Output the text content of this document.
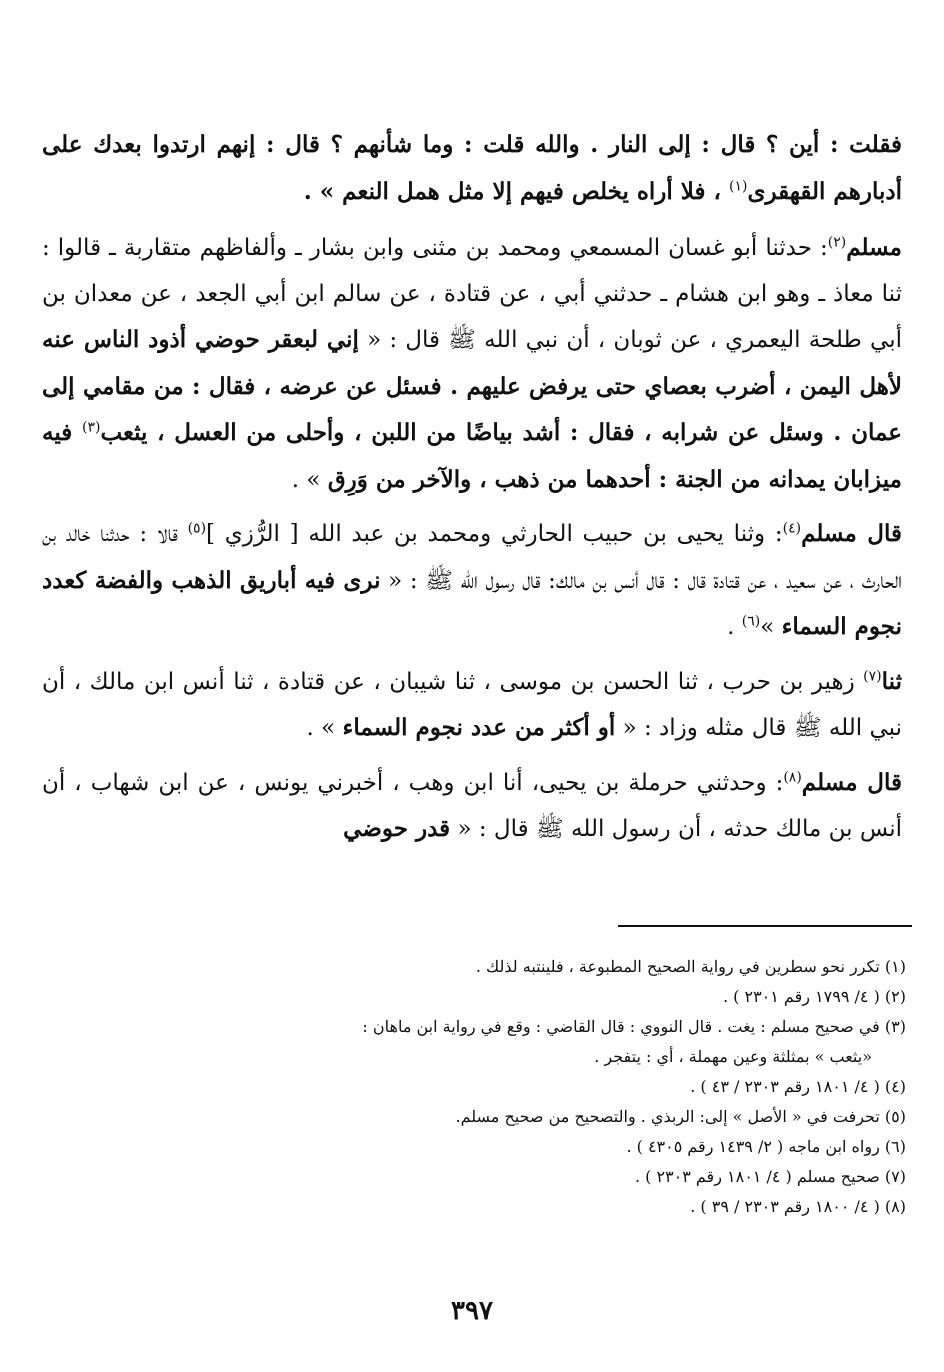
فقلت : أين ؟ قال : إلى النار . والله قلت : وما شأنهم ؟ قال : إنهم ارتدوا بعدك على أدبارهم القهقرى$^{(١)}$ ، فلا أراه يخلص فيهم إلا مثل همل النعم » .

مسلم$^{(٢)}$: حدثنا أبو غسان المسمعي ومحمد بن مثنى وابن بشار ـ وألفاظهم متقاربة ـ قالوا : ثنا معاذ ـ وهو ابن هشام ـ حدثني أبي ، عن قتادة ، عن سالم ابن أبي الجعد ، عن معدان بن أبي طلحة اليعمري ، عن ثوبان ، أن نبي الله ﷺ قال : « إني لبعقر حوضي أذود الناس عنه لأهل اليمن ، أضرب بعصاي حتى يرفض عليهم . فسئل عن عرضه ، فقال : من مقامي إلى عمان . وسئل عن شرابه ، فقال : أشد بياضًا من اللبن ، وأحلى من العسل ، يثعب$^{(٣)}$ فيه ميزابان يمدانه من الجنة : أحدهما من ذهب ، والآخر من وَرِق » .

قال مسلم$^{(٤)}$: وثنا يحيى بن حبيب الحارثي ومحمد بن عبد الله [ الرُّزي ]$^{(٥)}$ قالا : حدثنا خالد بن الحارث ، عن سعيد ، عن قتادة قال : قال أنس بن مالك: قال رسول الله ﷺ : « نرى فيه أباريق الذهب والفضة كعدد نجوم السماء »$^{(٦)}$ .

ثنا$^{(٧)}$ زهير بن حرب ، ثنا الحسن بن موسى ، ثنا شيبان ، عن قتادة ، ثنا أنس ابن مالك ، أن نبي الله ﷺ قال مثله وزاد : « أو أكثر من عدد نجوم السماء » .

قال مسلم$^{(٨)}$: وحدثني حرملة بن يحيى، أنا ابن وهب ، أخبرني يونس ، عن ابن شهاب ، أن أنس بن مالك حدثه ، أن رسول الله ﷺ قال : « قدر حوضي

(١) تكرر نحو سطرين في رواية الصحيح المطبوعة ، فلينتبه لذلك .
(٢) ( ٤/ ١٧٩٩ رقم ٢٣٠١ ) .
(٣) في صحيح مسلم : يغت . قال النووي : قال القاضي : وقع في رواية ابن ماهان :
«يثعب » بمثلثة وعين مهملة ، أي : يتفجر .
(٤) ( ٤/ ١٨٠١ رقم ٢٣٠٣ / ٤٣ ) .
(٥) تحرفت في « الأصل » إلى: الربذي . والتصحيح من صحيح مسلم.
(٦) رواه ابن ماجه ( ٢/ ١٤٣٩ رقم ٤٣٠٥ ) .
(٧) صحيح مسلم ( ٤/ ١٨٠١ رقم ٢٣٠٣ ) .
(٨) ( ٤/ ١٨٠٠ رقم ٢٣٠٣ / ٣٩ ) .
٣٩٧
